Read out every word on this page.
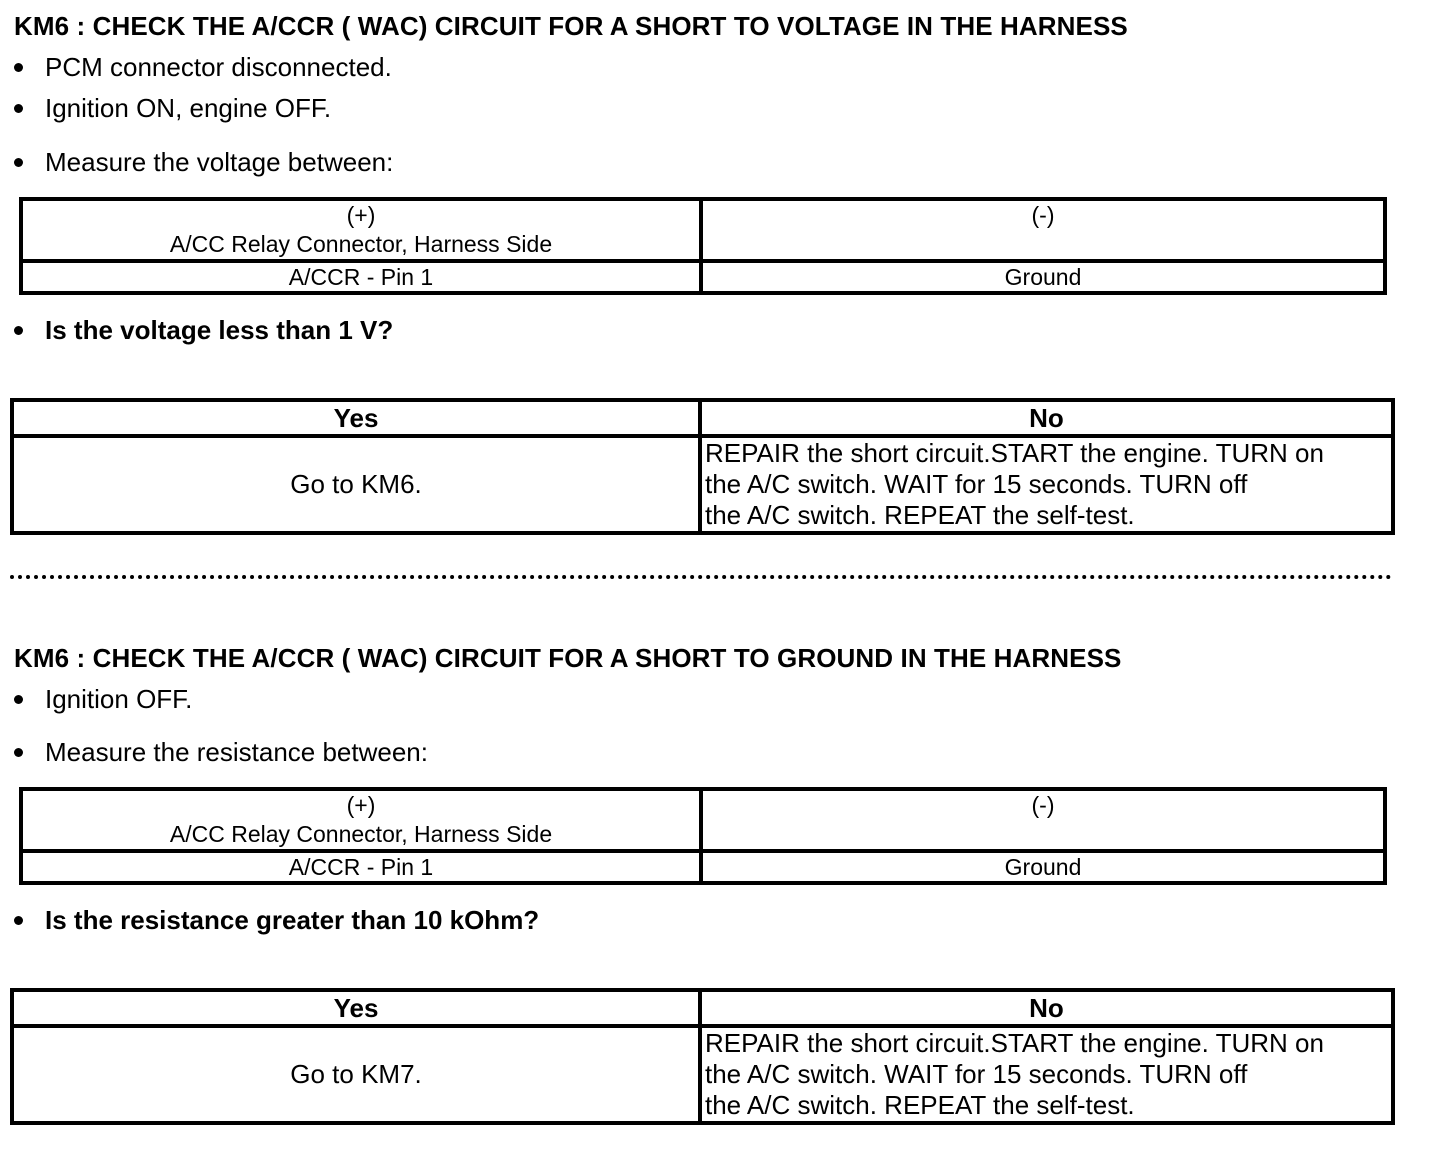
KM6 : CHECK THE A/CCR ( WAC) CIRCUIT FOR A SHORT TO VOLTAGE IN THE HARNESS
PCM connector disconnected.
Ignition ON, engine OFF.
Measure the voltage between:
(+)
A/CC Relay Connector, Harness Side	(-)

A/CCR - Pin 1	Ground
Is the voltage less than 1 V?
Yes	No
Go to KM6.	REPAIR the short circuit.START the engine. TURN on
the A/C switch. WAIT for 15 seconds. TURN off
the A/C switch. REPEAT the self-test.
KM6 : CHECK THE A/CCR ( WAC) CIRCUIT FOR A SHORT TO GROUND IN THE HARNESS
Ignition OFF.
Measure the resistance between:
(+)
A/CC Relay Connector, Harness Side	(-)

A/CCR - Pin 1	Ground
Is the resistance greater than 10 kOhm?
Yes	No
Go to KM7.	REPAIR the short circuit.START the engine. TURN on
the A/C switch. WAIT for 15 seconds. TURN off
the A/C switch. REPEAT the self-test.
